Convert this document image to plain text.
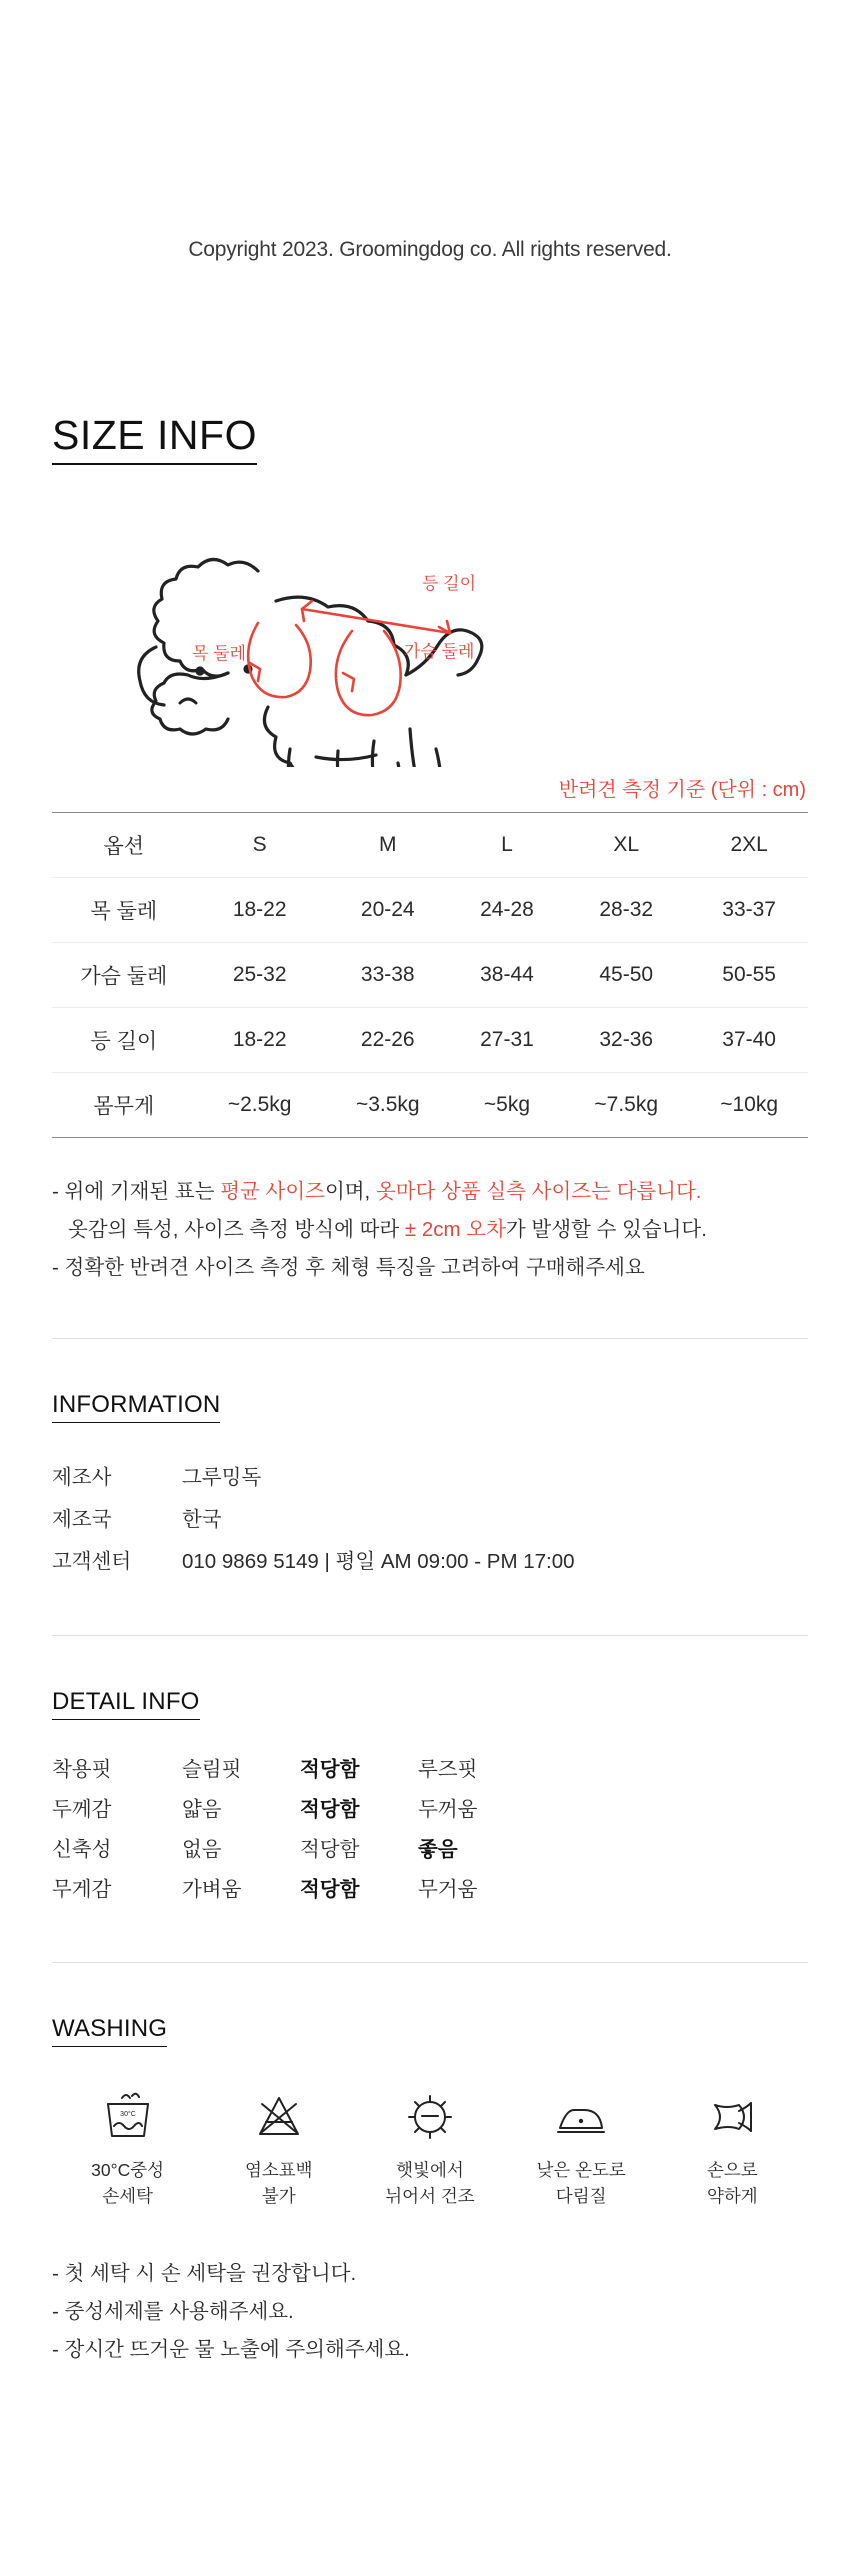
Copyright 2023. Groomingdog co. All rights reserved.
SIZE INFO
등 길이
목 둘레	가슴 둘레
반려견 측정 기준 (단위 : cm)
옵션	S	M	L	XL	2XL
목 둘레	18-22	20-24	24-28	28-32	33-37
가슴 둘레	25-32	33-38	38-44	45-50	50-55
등 길이	18-22	22-26	27-31	32-36	37-40
몸무게	~2.5kg	~3.5kg	~5kg	~7.5kg	~10kg

- 위에 기재된 표는 평균 사이즈이며, 옷마다 상품 실측 사이즈는 다릅니다.

옷감의 특성, 사이즈 측정 방식에 따라 ± 2cm 오차가 발생할 수 있습니다.

- 정확한 반려견 사이즈 측정 후 체형 특징을 고려하여 구매해주세요

INFORMATION
제조사	그루밍독
제조국	한국
고객센터	010 9869 5149 | 평일 AM 09:00 - PM 17:00
DETAIL INFO
착용핏	슬림핏	적당함	루즈핏
두께감	얇음	적당함	두꺼움
신축성	없음	적당함	좋음
무게감	가벼움	적당함	무거움
WASHING
30°C
30°C중성
손세탁
염소표백
불가
햇빛에서
뉘어서 건조
낮은 온도로
다림질
손으로
약하게

- 첫 세탁 시 손 세탁을 권장합니다.

- 중성세제를 사용해주세요.

- 장시간 뜨거운 물 노출에 주의해주세요.
